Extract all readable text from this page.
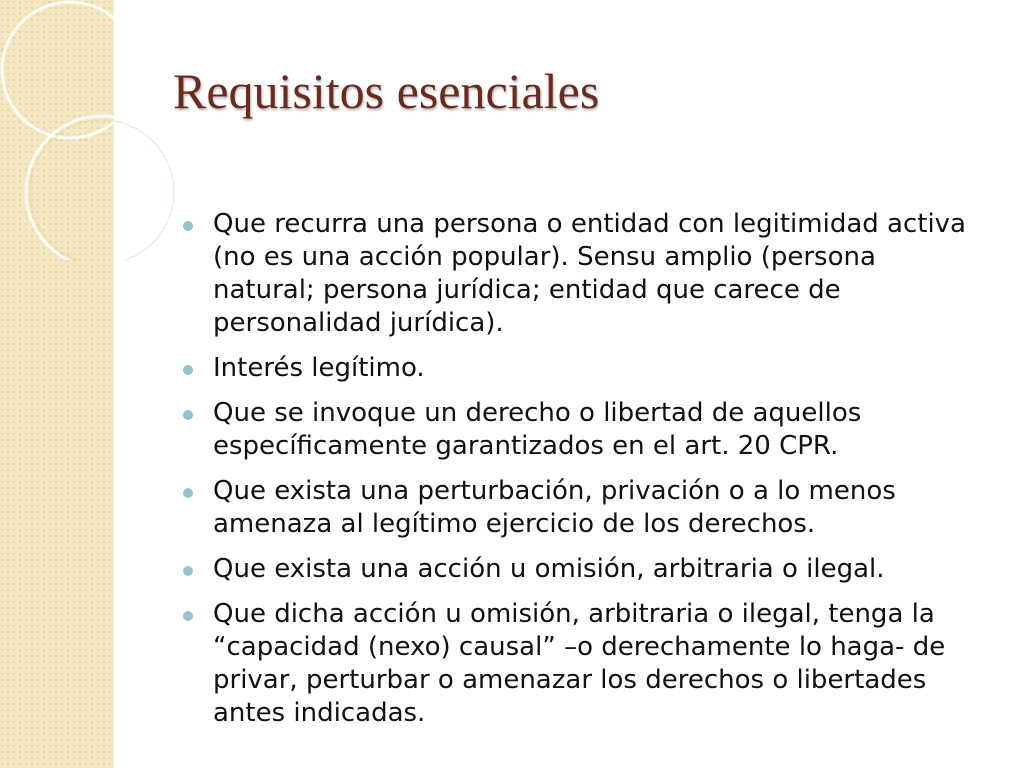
Requisitos esenciales
Que recurra una persona o entidad con legitimidad activa (no es una acción popular). Sensu amplio (persona natural; persona jurídica; entidad que carece de personalidad jurídica).
Interés legítimo.
Que se invoque un derecho o libertad de aquellos específicamente garantizados en el art. 20 CPR.
Que exista una perturbación, privación o a lo menos amenaza al legítimo ejercicio de los derechos.
Que exista una acción u omisión, arbitraria o ilegal.
Que dicha acción u omisión, arbitraria o ilegal, tenga la “capacidad (nexo) causal” –o derechamente lo haga- de privar, perturbar o amenazar los derechos o libertades antes indicadas.
